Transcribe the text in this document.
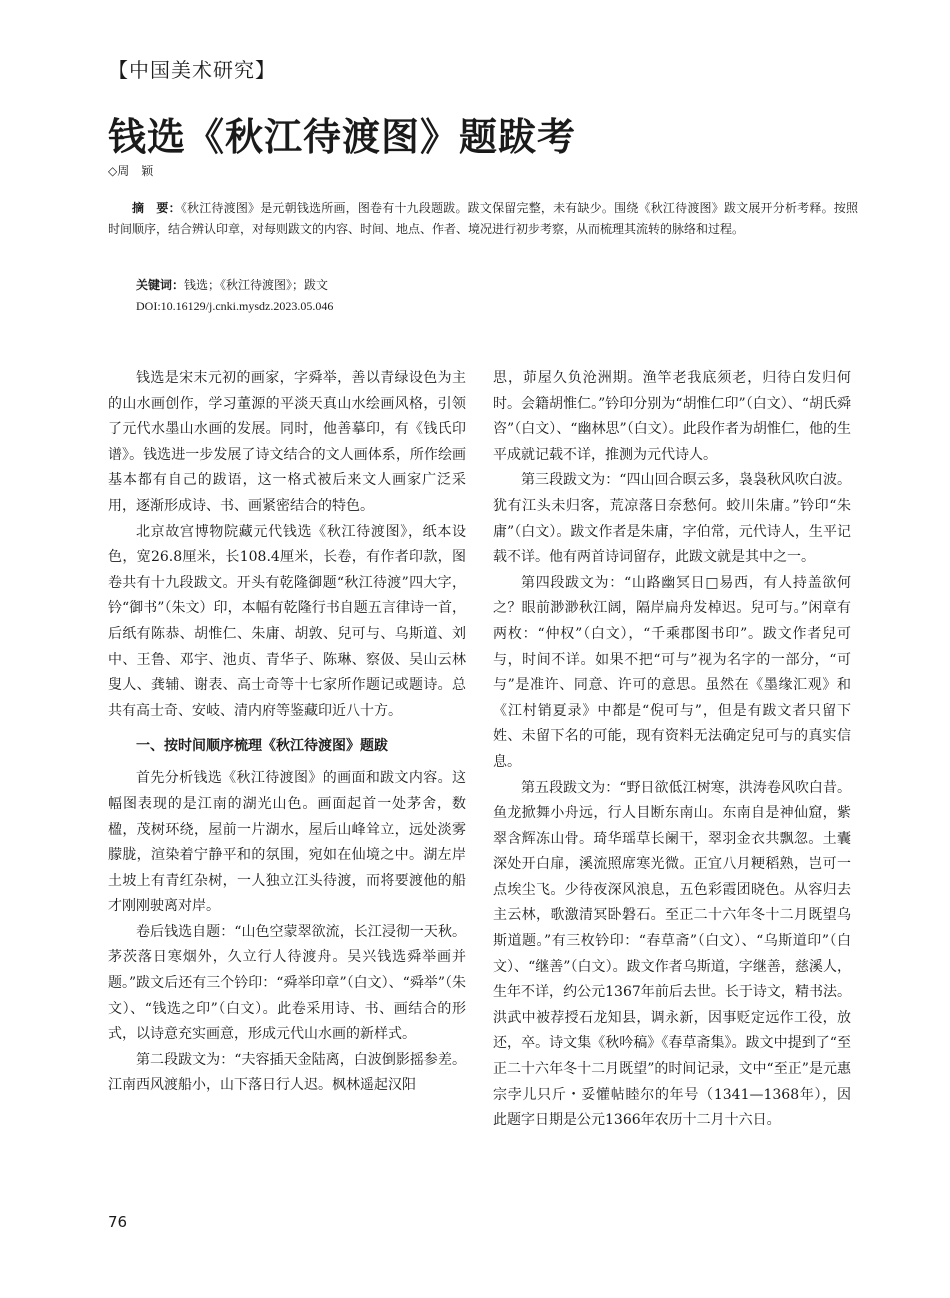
【中国美术研究】
钱选《秋江待渡图》题跋考
◇周　颖
摘　要：《秋江待渡图》是元朝钱选所画，图卷有十九段题跋。跋文保留完整，未有缺少。围绕《秋江待渡图》跋文展开分析考释。按照时间顺序，结合辨认印章，对每则跋文的内容、时间、地点、作者、境况进行初步考察，从而梳理其流转的脉络和过程。
关键词：钱选；《秋江待渡图》；跋文
DOI:10.16129/j.cnki.mysdz.2023.05.046

钱选是宋末元初的画家，字舜举，善以青绿设色为主的山水画创作，学习董源的平淡天真山水绘画风格，引领了元代水墨山水画的发展。同时，他善摹印，有《钱氏印谱》。钱选进一步发展了诗文结合的文人画体系，所作绘画基本都有自己的跋语，这一格式被后来文人画家广泛采用，逐渐形成诗、书、画紧密结合的特色。

北京故宫博物院藏元代钱选《秋江待渡图》，纸本设色，宽26.8厘米，长108.4厘米，长卷，有作者印款，图卷共有十九段跋文。开头有乾隆御题“秋江待渡”四大字，钤“御书”（朱文）印，本幅有乾隆行书自题五言律诗一首，后纸有陈恭、胡惟仁、朱庸、胡敦、兒可与、乌斯道、刘中、王鲁、邓宇、池贞、青华子、陈琳、察伋、吴山云林叟人、龚辅、谢表、高士奇等十七家所作题记或题诗。总共有高士奇、安岐、清内府等鉴藏印近八十方。

一、按时间顺序梳理《秋江待渡图》题跋

首先分析钱选《秋江待渡图》的画面和跋文内容。这幅图表现的是江南的湖光山色。画面起首一处茅舍，数楹，茂树环绕，屋前一片湖水，屋后山峰耸立，远处淡雾朦胧，渲染着宁静平和的氛围，宛如在仙境之中。湖左岸土坡上有青红杂树，一人独立江头待渡，而将要渡他的船才刚刚驶离对岸。

卷后钱选自题：“山色空蒙翠欲流，长江浸彻一天秋。茅茨落日寒烟外，久立行人待渡舟。吴兴钱选舜举画并题。”跋文后还有三个钤印：“舜举印章”（白文）、“舜举”（朱文）、“钱选之印”（白文）。此卷采用诗、书、画结合的形式，以诗意充实画意，形成元代山水画的新样式。

第二段跋文为：“夫容插天金陆离，白波倒影摇参差。江南西风渡船小，山下落日行人迟。枫林遥起汉阳

思，茆屋久负沧洲期。渔竿老我底须老，归待白发归何时。会籍胡惟仁。”钤印分别为“胡惟仁印”（白文）、“胡氏舜咨”（白文）、“幽林思”（白文）。此段作者为胡惟仁，他的生平成就记载不详，推测为元代诗人。

第三段跋文为：“四山回合暝云多，袅袅秋风吹白波。犹有江头未归客，荒凉落日奈愁何。蛟川朱庸。”钤印“朱庸”（白文）。跋文作者是朱庸，字伯常，元代诗人，生平记载不详。他有两首诗词留存，此跋文就是其中之一。

第四段跋文为：“山路幽冥日□易西，有人持盖欲何之？眼前渺渺秋江阔，隔岸扁舟发棹迟。兒可与。”闲章有两枚：“仲权”（白文），“千乘郡图书印”。跋文作者兒可与，时间不详。如果不把“可与”视为名字的一部分，“可与”是准许、同意、许可的意思。虽然在《墨缘汇观》和《江村销夏录》中都是“倪可与”，但是有跋文者只留下姓、未留下名的可能，现有资料无法确定兒可与的真实信息。

第五段跋文为：“野日欲低江树寒，洪涛卷风吹白昔。鱼龙掀舞小舟远，行人目断东南山。东南自是神仙窟，紫翠含辉冻山骨。琦华瑶草长阑干，翠羽金衣共飘忽。土囊深处开白扉，溪流照席寒光微。正宜八月粳稻熟，岂可一点埃尘飞。少待夜深风浪息，五色彩霞团晓色。从容归去主云林，歌激清冥卧磐石。至正二十六年冬十二月既望乌斯道题。”有三枚钤印：“春草斋”（白文）、“乌斯道印”（白文）、“继善”（白文）。跋文作者乌斯道，字继善，慈溪人，生年不详，约公元1367年前后去世。长于诗文，精书法。洪武中被荐授石龙知县，调永新，因事贬定远作工役，放还，卒。诗文集《秋吟稿》《春草斋集》。跋文中提到了“至正二十六年冬十二月既望”的时间记录，文中“至正”是元惠宗孛儿只斤・妥懽帖睦尔的年号（1341—1368年），因此题字日期是公元1366年农历十二月十六日。

76
